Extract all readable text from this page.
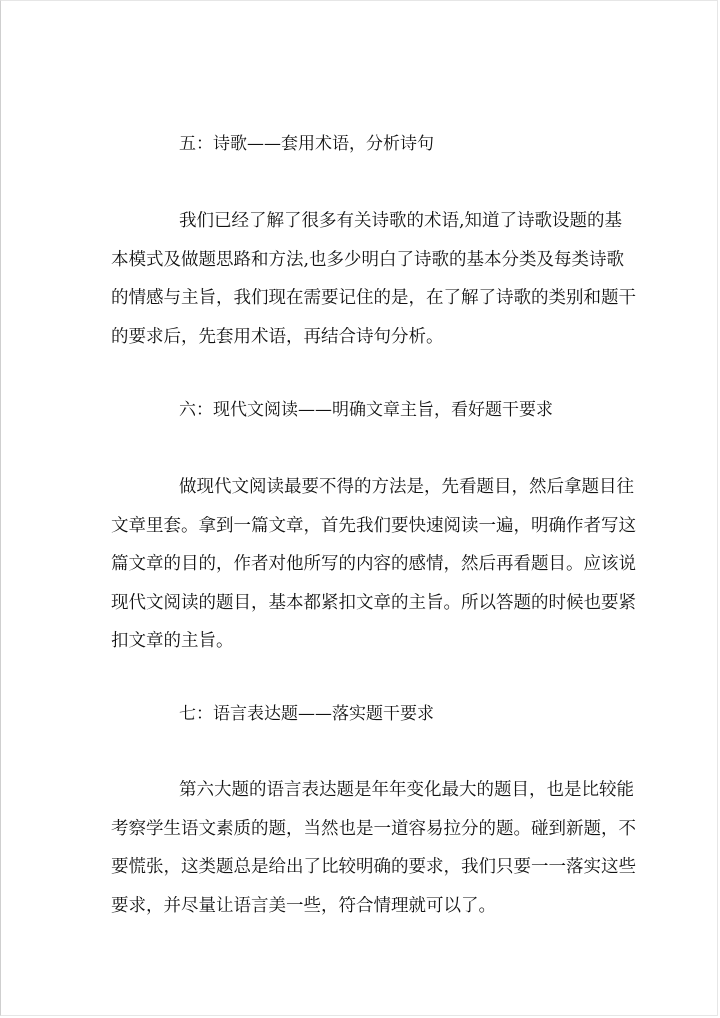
五：诗歌——套用术语，分析诗句
我们已经了解了很多有关诗歌的术语,知道了诗歌设题的基
本模式及做题思路和方法,也多少明白了诗歌的基本分类及每类诗歌
的情感与主旨，我们现在需要记住的是，在了解了诗歌的类别和题干
的要求后，先套用术语，再结合诗句分析。
六：现代文阅读——明确文章主旨，看好题干要求
做现代文阅读最要不得的方法是，先看题目，然后拿题目往
文章里套。拿到一篇文章，首先我们要快速阅读一遍，明确作者写这
篇文章的目的，作者对他所写的内容的感情，然后再看题目。应该说
现代文阅读的题目，基本都紧扣文章的主旨。所以答题的时候也要紧
扣文章的主旨。
七：语言表达题——落实题干要求
第六大题的语言表达题是年年变化最大的题目，也是比较能
考察学生语文素质的题，当然也是一道容易拉分的题。碰到新题，不
要慌张，这类题总是给出了比较明确的要求，我们只要一一落实这些
要求，并尽量让语言美一些，符合情理就可以了。
